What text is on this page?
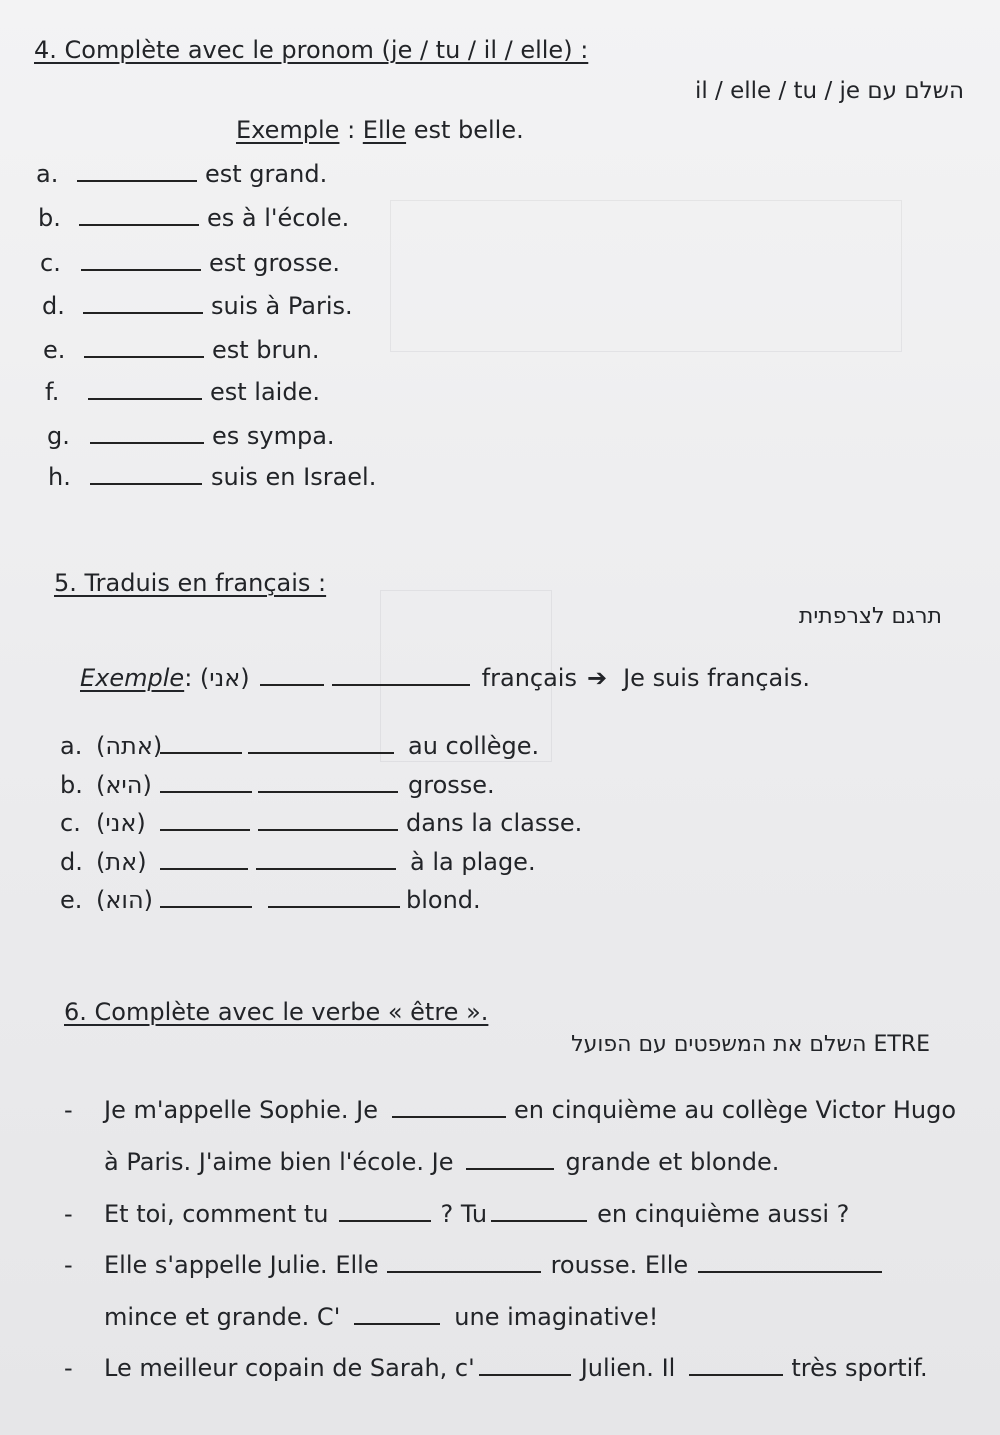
4. Complète avec le pronom (je / tu / il / elle) :
il / elle / tu / je השלם עם
Exemple : Elle est belle.
a.	est grand.
b.	es à l'école.
c.	est grosse.
d.	suis à Paris.
e.	est brun.
f.	est laide.
g.	es sympa.
h.	suis en Israel.
5. Traduis en français :
תרגם לצרפתית
Exemple : (אני)	français ➔ Je suis français.
a. (אתה)	au collège.
b. (היא)	grosse.
c. (אני)	dans la classe.
d. (את)	à la plage.
e. (הוא)	blond.
6. Complète avec le verbe « être ».
השלם את המשפטים עם הפועל ETRE
-	Je m'appelle Sophie. Je	en cinquième au collège Victor Hugo
à Paris. J'aime bien l'école. Je	grande et blonde.
-	Et toi, comment tu	? Tu	en cinquième aussi ?
-	Elle s'appelle Julie. Elle	rousse. Elle
mince et grande. C'	une imaginative!
-	Le meilleur copain de Sarah, c'	Julien. Il	très sportif.
